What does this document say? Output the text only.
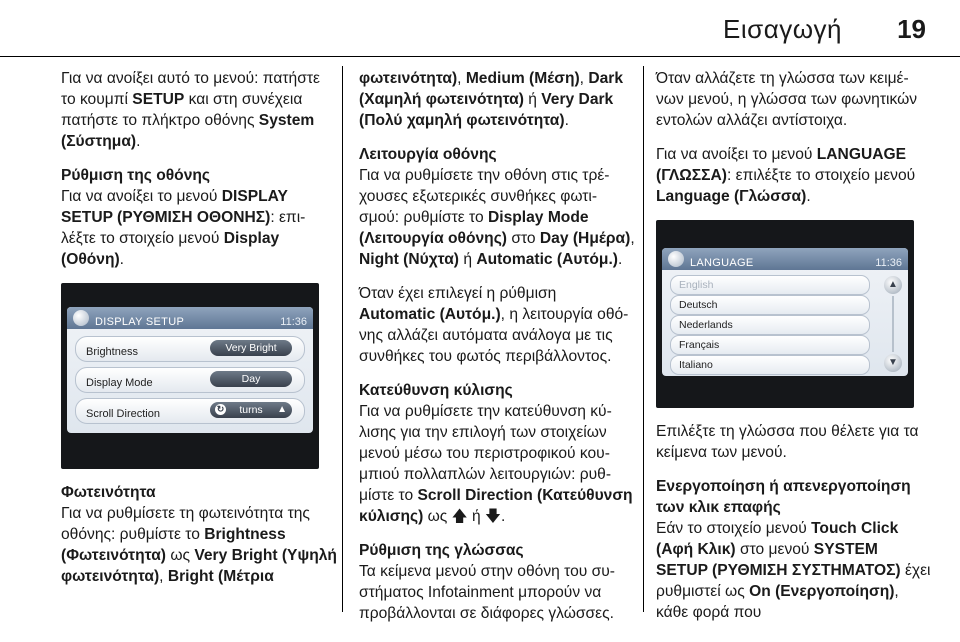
Εισαγωγή 19

Για να ανοίξει αυτό το μενού: πατήστε το κουμπί SETUP και στη συνέχεια πατήστε το πλήκτρο οθόνης System (Σύστημα).

Ρύθμιση της οθόνης

Για να ανοίξει το μενού DISPLAY SETUP (ΡΥΘΜΙΣΗ ΟΘΟΝΗΣ): επι-λέξτε το στοιχείο μενού Display (Οθόνη).

DISPLAY SETUP	11:36
Brightness	Very Bright
Display Mode	Day
Scroll Direction	↻ turns ▲
Φωτεινότητα

Για να ρυθμίσετε τη φωτεινότητα της οθόνης: ρυθμίστε το Brightness (Φωτεινότητα) ως Very Bright (Υψηλή φωτεινότητα), Bright (Μέτρια

φωτεινότητα), Medium (Μέση), Dark (Χαμηλή φωτεινότητα) ή Very Dark (Πολύ χαμηλή φωτεινότητα).

Λειτουργία οθόνης

Για να ρυθμίσετε την οθόνη στις τρέ-χουσες εξωτερικές συνθήκες φωτι-σμού: ρυθμίστε το Display Mode (Λειτουργία οθόνης) στο Day (Ημέρα), Night (Νύχτα) ή Automatic (Αυτόμ.).

Όταν έχει επιλεγεί η ρύθμιση Automatic (Αυτόμ.), η λειτουργία οθό-νης αλλάζει αυτόματα ανάλογα με τις συνθήκες του φωτός περιβάλλοντος.

Κατεύθυνση κύλισης

Για να ρυθμίσετε την κατεύθυνση κύ-λισης για την επιλογή των στοιχείων μενού μέσω του περιστροφικού κου-μπιού πολλαπλών λειτουργιών: ρυθ-μίστε το Scroll Direction (Κατεύθυνση κύλισης) ως 🡅 ή 🡇.

Ρύθμιση της γλώσσας

Τα κείμενα μενού στην οθόνη του συ-στήματος Infotainment μπορούν να προβάλλονται σε διάφορες γλώσσες.

Όταν αλλάζετε τη γλώσσα των κειμέ-νων μενού, η γλώσσα των φωνητικών εντολών αλλάζει αντίστοιχα.

Για να ανοίξει το μενού LANGUAGE (ΓΛΩΣΣΑ): επιλέξτε το στοιχείο μενού Language (Γλώσσα).

LANGUAGE	11:36
English
Deutsch
Nederlands
Français
Italiano
▲
▼

Επιλέξτε τη γλώσσα που θέλετε για τα κείμενα των μενού.

Ενεργοποίηση ή απενεργοποίηση των κλικ επαφής

Εάν το στοιχείο μενού Touch Click (Αφή Κλικ) στο μενού SYSTEM SETUP (ΡΥΘΜΙΣΗ ΣΥΣΤΗΜΑΤΟΣ) έχει ρυθμιστεί ως On (Ενεργοποίηση), κάθε φορά που
